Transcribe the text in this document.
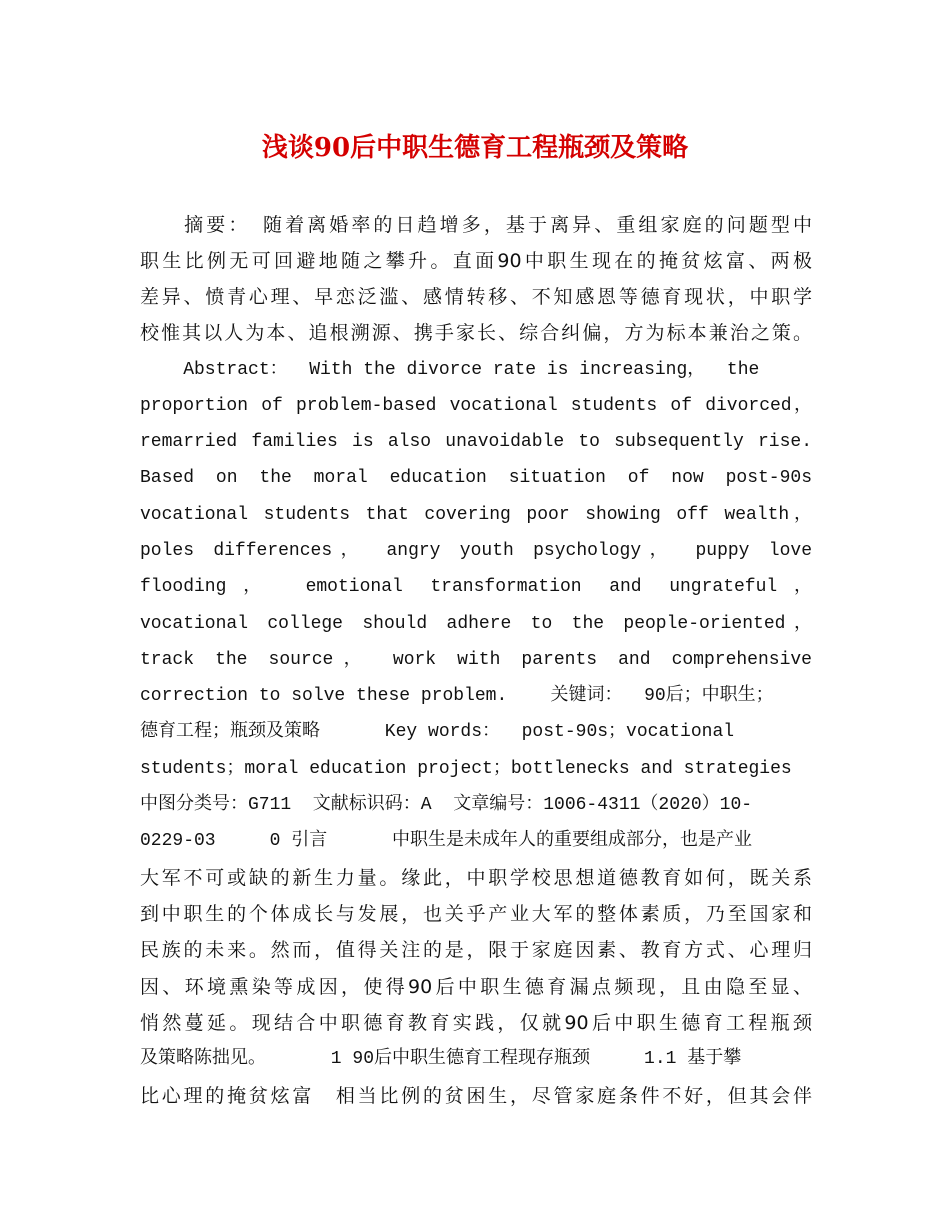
浅谈90后中职生德育工程瓶颈及策略

　　摘要：　随着离婚率的日趋增多，基于离异、重组家庭的问题型中

职生比例无可回避地随之攀升。直面90中职生现在的掩贫炫富、两极

差异、愤青心理、早恋泛滥、感情转移、不知感恩等德育现状，中职学

校惟其以人为本、追根溯源、携手家长、综合纠偏，方为标本兼治之策。

Abstract：  With the divorce rate is increasing，  the

proportion of problem-based vocational students of divorced，

remarried families is also unavoidable to subsequently rise.

Based on the moral education situation of now post-90s

vocational students that covering poor showing off wealth，

poles differences， angry youth psychology， puppy love

flooding， emotional transformation and ungrateful，

vocational college should adhere to the people-oriented，

track the source， work with parents and comprehensive

correction to solve these problem.    关键词：  90后；中职生；

德育工程；瓶颈及策略      Key words：  post-90s；vocational

students；moral education project；bottlenecks and strategies

中图分类号：G711  文献标识码：A  文章编号：1006-4311（2020）10-

0229-03     0 引言      中职生是未成年人的重要组成部分，也是产业

大军不可或缺的新生力量。缘此，中职学校思想道德教育如何，既关系

到中职生的个体成长与发展，也关乎产业大军的整体素质，乃至国家和

民族的未来。然而，值得关注的是，限于家庭因素、教育方式、心理归

因、环境熏染等成因，使得90后中职生德育漏点频现，且由隐至显、

悄然蔓延。现结合中职德育教育实践，仅就90后中职生德育工程瓶颈

及策略陈拙见。      1 90后中职生德育工程现存瓶颈     1.1 基于攀

比心理的掩贫炫富　相当比例的贫困生，尽管家庭条件不好，但其会伴
